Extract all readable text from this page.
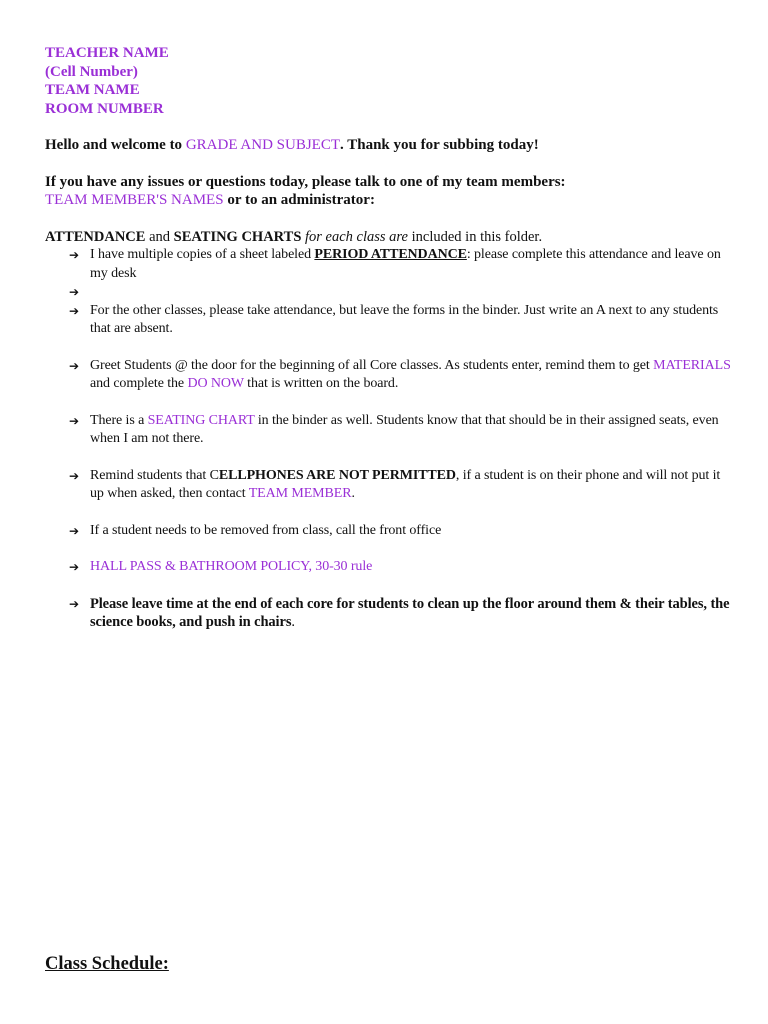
TEACHER NAME
(Cell Number)
TEAM NAME
ROOM NUMBER
Hello and welcome to GRADE AND SUBJECT. Thank you for subbing today!
If you have any issues or questions today, please talk to one of my team members:
TEAM MEMBER'S NAMES or to an administrator:
ATTENDANCE and SEATING CHARTS for each class are included in this folder.
➔ I have multiple copies of a sheet labeled PERIOD ATTENDANCE: please complete this attendance and leave on my desk
➔

➔ For the other classes, please take attendance, but leave the forms in the binder. Just write an A next to any students that are absent.
➔ Greet Students @ the door for the beginning of all Core classes. As students enter, remind them to get MATERIALS and complete the DO NOW that is written on the board.
➔ There is a SEATING CHART in the binder as well. Students know that that should be in their assigned seats, even when I am not there.
➔ Remind students that CELLPHONES ARE NOT PERMITTED, if a student is on their phone and will not put it up when asked, then contact TEAM MEMBER.
➔ If a student needs to be removed from class, call the front office
➔ HALL PASS & BATHROOM POLICY, 30-30 rule
➔ Please leave time at the end of each core for students to clean up the floor around them & their tables, the science books, and push in chairs.
Class Schedule:
